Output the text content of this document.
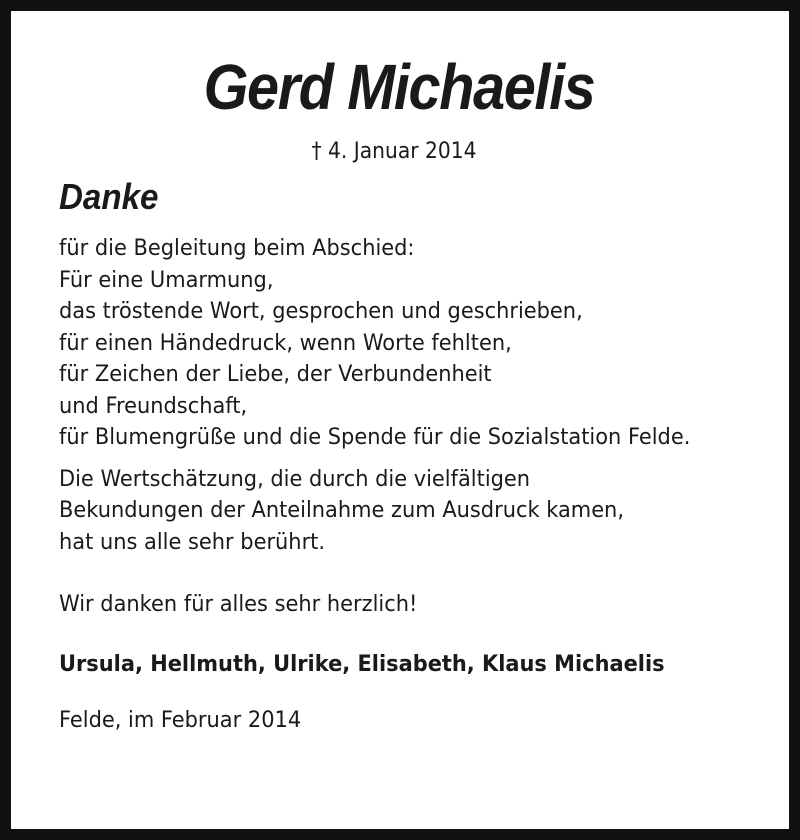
Gerd Michaelis
† 4. Januar 2014
Danke
für die Begleitung beim Abschied:
Für eine Umarmung,
das tröstende Wort, gesprochen und geschrieben,
für einen Händedruck, wenn Worte fehlten,
für Zeichen der Liebe, der Verbundenheit
und Freundschaft,
für Blumengrüße und die Spende für die Sozialstation Felde.
Die Wertschätzung, die durch die vielfältigen
Bekundungen der Anteilnahme zum Ausdruck kamen,
hat uns alle sehr berührt.
Wir danken für alles sehr herzlich!
Ursula, Hellmuth, Ulrike, Elisabeth, Klaus Michaelis
Felde, im Februar 2014
